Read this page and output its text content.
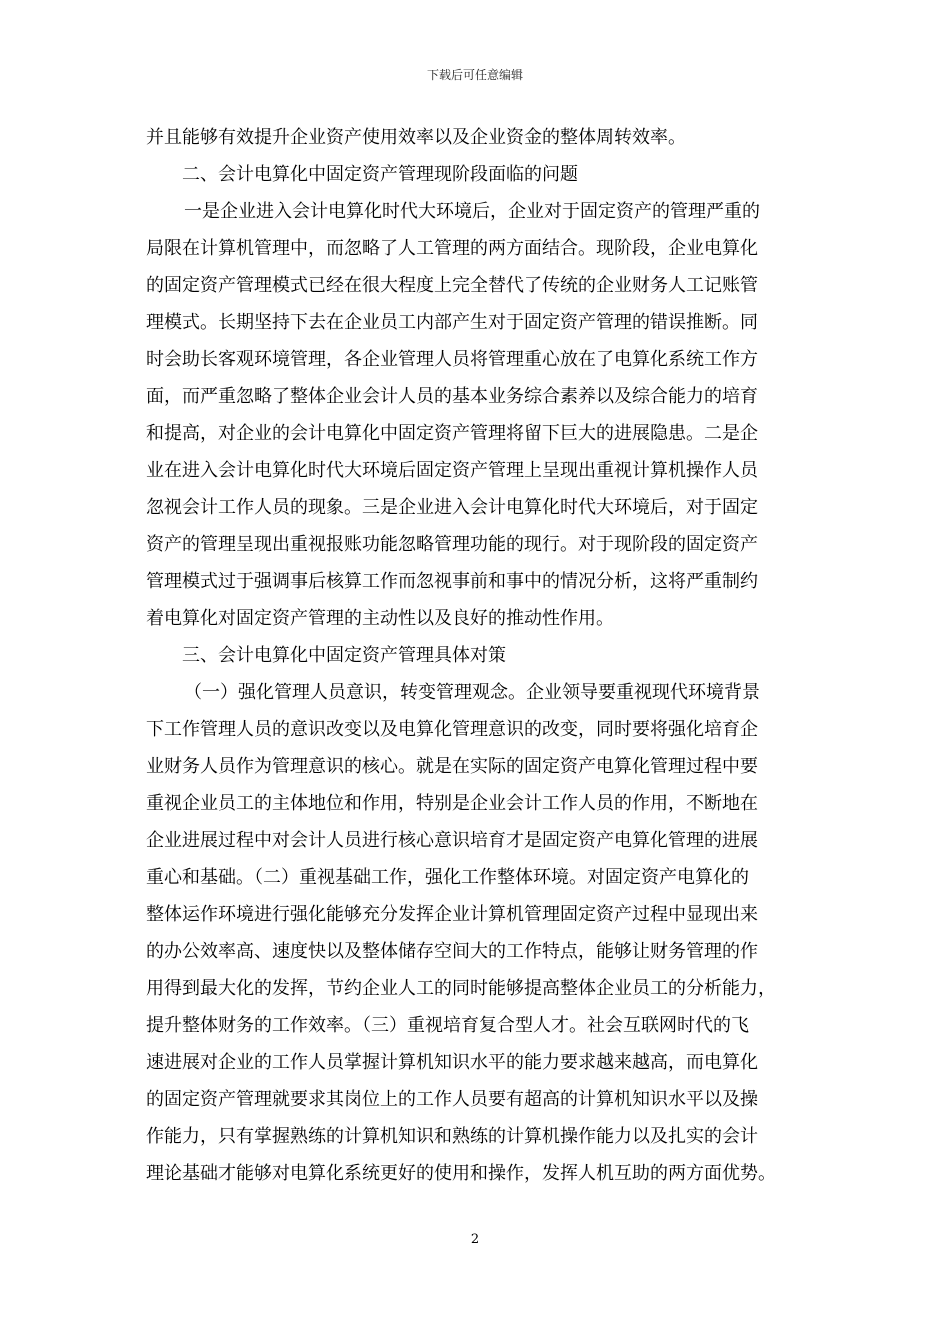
下载后可任意编辑
并且能够有效提升企业资产使用效率以及企业资金的整体周转效率。
二、会计电算化中固定资产管理现阶段面临的问题
一是企业进入会计电算化时代大环境后，企业对于固定资产的管理严重的
局限在计算机管理中，而忽略了人工管理的两方面结合。现阶段，企业电算化
的固定资产管理模式已经在很大程度上完全替代了传统的企业财务人工记账管
理模式。长期坚持下去在企业员工内部产生对于固定资产管理的错误推断。同
时会助长客观环境管理，各企业管理人员将管理重心放在了电算化系统工作方
面，而严重忽略了整体企业会计人员的基本业务综合素养以及综合能力的培育
和提高，对企业的会计电算化中固定资产管理将留下巨大的进展隐患。二是企
业在进入会计电算化时代大环境后固定资产管理上呈现出重视计算机操作人员
忽视会计工作人员的现象。三是企业进入会计电算化时代大环境后，对于固定
资产的管理呈现出重视报账功能忽略管理功能的现行。对于现阶段的固定资产
管理模式过于强调事后核算工作而忽视事前和事中的情况分析，这将严重制约
着电算化对固定资产管理的主动性以及良好的推动性作用。
三、会计电算化中固定资产管理具体对策
（一）强化管理人员意识，转变管理观念。企业领导要重视现代环境背景
下工作管理人员的意识改变以及电算化管理意识的改变，同时要将强化培育企
业财务人员作为管理意识的核心。就是在实际的固定资产电算化管理过程中要
重视企业员工的主体地位和作用，特别是企业会计工作人员的作用，不断地在
企业进展过程中对会计人员进行核心意识培育才是固定资产电算化管理的进展
重心和基础。（二）重视基础工作，强化工作整体环境。对固定资产电算化的
整体运作环境进行强化能够充分发挥企业计算机管理固定资产过程中显现出来
的办公效率高、速度快以及整体储存空间大的工作特点，能够让财务管理的作
用得到最大化的发挥，节约企业人工的同时能够提高整体企业员工的分析能力，
提升整体财务的工作效率。（三）重视培育复合型人才。社会互联网时代的飞
速进展对企业的工作人员掌握计算机知识水平的能力要求越来越高，而电算化
的固定资产管理就要求其岗位上的工作人员要有超高的计算机知识水平以及操
作能力，只有掌握熟练的计算机知识和熟练的计算机操作能力以及扎实的会计
理论基础才能够对电算化系统更好的使用和操作，发挥人机互助的两方面优势。
2
